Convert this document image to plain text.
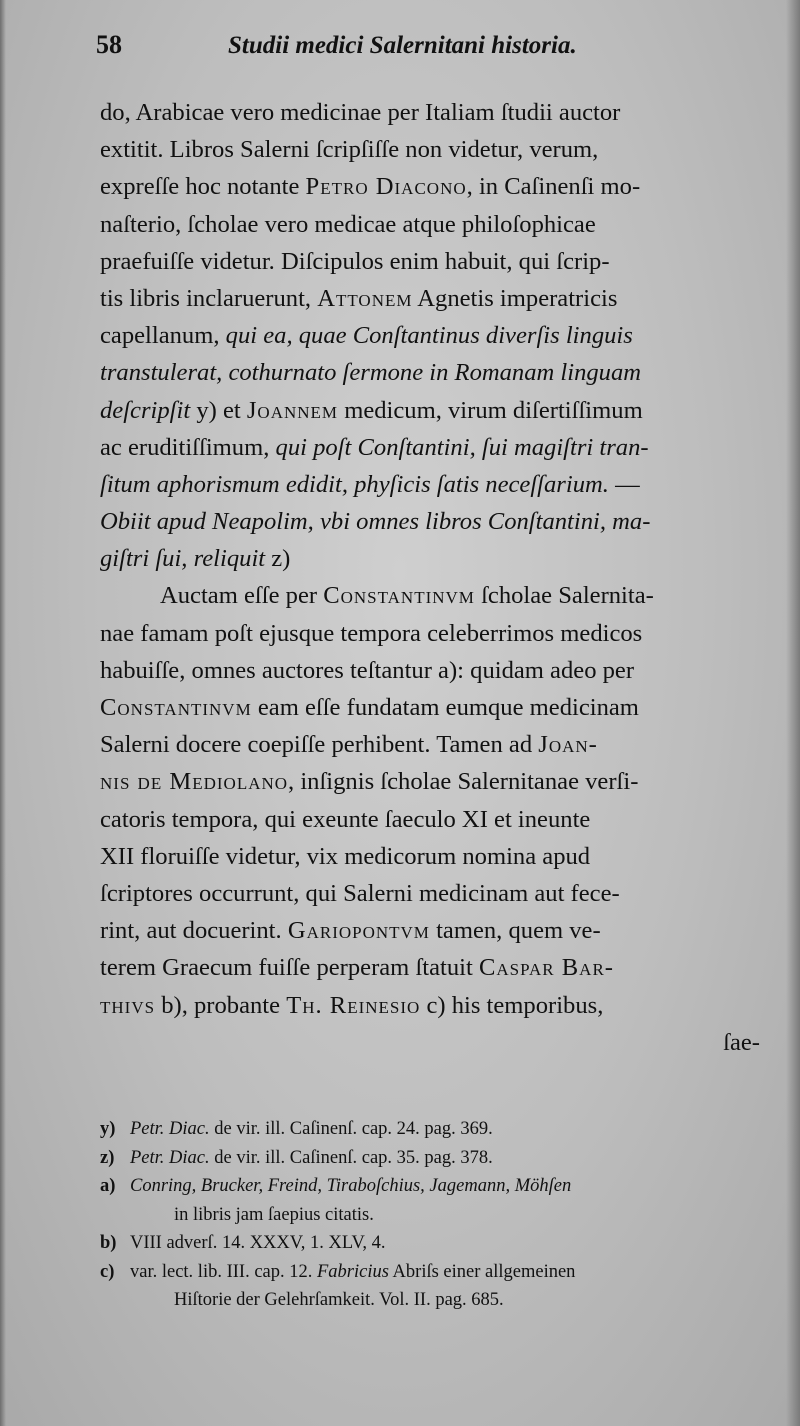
58	Studii medici Salernitani historia.
do, Arabicae vero medicinae per Italiam ſtudii auctor
extitit. Libros Salerni ſcripſiſſe non videtur, verum,
expreſſe hoc notante Petro Diacono, in Caſinenſi mo-
naſterio, ſcholae vero medicae atque philoſophicae
praefuiſſe videtur. Diſcipulos enim habuit, qui ſcrip-
tis libris inclaruerunt, Attonem Agnetis imperatricis
capellanum, qui ea, quae Conſtantinus diverſis linguis
transtulerat, cothurnato ſermone in Romanam linguam
deſcripſit y) et Joannem medicum, virum diſertiſſimum
ac eruditiſſimum, qui poſt Conſtantini, ſui magiſtri tran-
ſitum aphorismum edidit, phyſicis ſatis neceſſarium. —
Obiit apud Neapolim, vbi omnes libros Conſtantini, ma-
giſtri ſui, reliquit z)
Auctam eſſe per Constantinvm ſcholae Salernita-
nae famam poſt ejusque tempora celeberrimos medicos
habuiſſe, omnes auctores teſtantur a): quidam adeo per
Constantinvm eam eſſe fundatam eumque medicinam
Salerni docere coepiſſe perhibent. Tamen ad Joan-
nis de Mediolano, inſignis ſcholae Salernitanae verſi-
catoris tempora, qui exeunte ſaeculo XI et ineunte
XII floruiſſe videtur, vix medicorum nomina apud
ſcriptores occurrunt, qui Salerni medicinam aut fece-
rint, aut docuerint. Gariopontvm tamen, quem ve-
terem Graecum fuiſſe perperam ſtatuit Caspar Bar-
thivs b), probante Th. Reinesio c) his temporibus,
ſae-
y) Petr. Diac. de vir. ill. Caſinenſ. cap. 24. pag. 369.
z) Petr. Diac. de vir. ill. Caſinenſ. cap. 35. pag. 378.
a) Conring, Brucker, Freind, Tiraboſchius, Jagemann, Möhſen
in libris jam ſaepius citatis.
b) VIII adverſ. 14. XXXV, 1. XLV, 4.
c) var. lect. lib. III. cap. 12. Fabricius Abriſs einer allgemeinen
Hiſtorie der Gelehrſamkeit. Vol. II. pag. 685.
